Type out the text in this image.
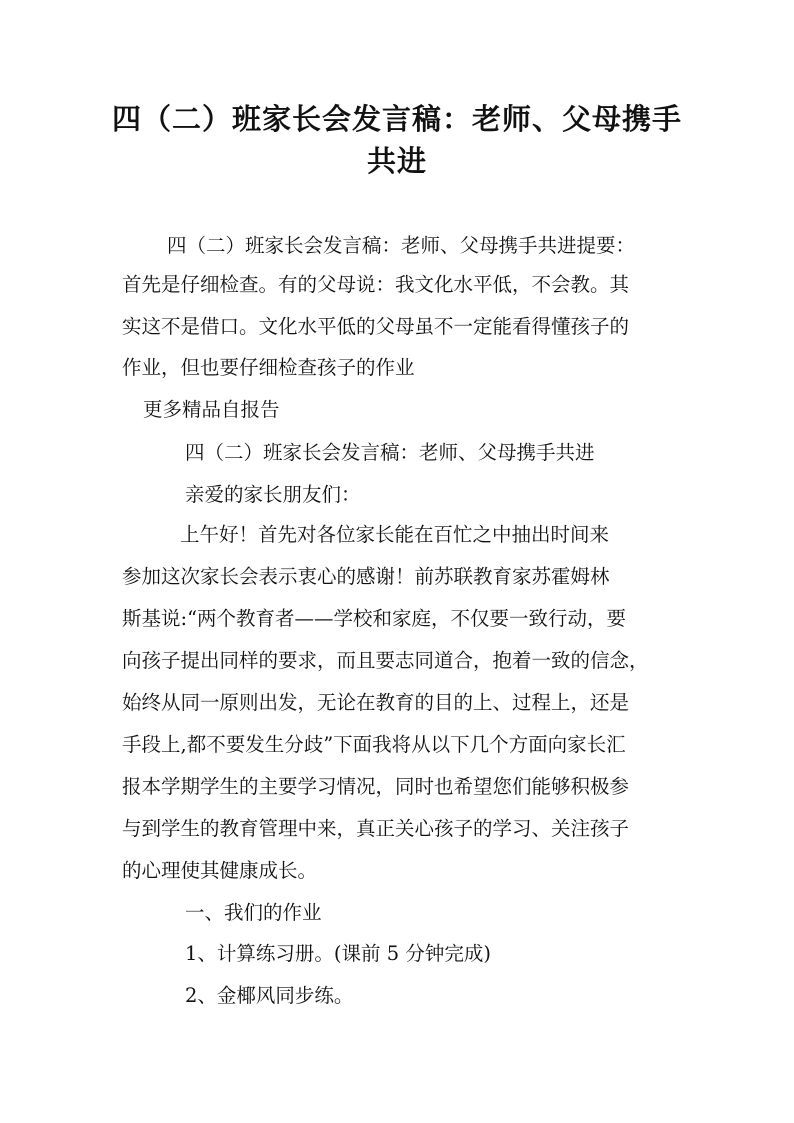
四（二）班家长会发言稿：老师、父母携手
共进
四（二）班家长会发言稿：老师、父母携手共进提要：
首先是仔细检查。有的父母说：我文化水平低，不会教。其
实这不是借口。文化水平低的父母虽不一定能看得懂孩子的
作业，但也要仔细检查孩子的作业
更多精品自报告
四（二）班家长会发言稿：老师、父母携手共进
亲爱的家长朋友们：
上午好！首先对各位家长能在百忙之中抽出时间来
参加这次家长会表示衷心的感谢！前苏联教育家苏霍姆林
斯基说:“两个教育者——学校和家庭，不仅要一致行动，要
向孩子提出同样的要求，而且要志同道合，抱着一致的信念，
始终从同一原则出发，无论在教育的目的上、过程上，还是
手段上,都不要发生分歧”下面我将从以下几个方面向家长汇
报本学期学生的主要学习情况，同时也希望您们能够积极参
与到学生的教育管理中来，真正关心孩子的学习、关注孩子
的心理使其健康成长。
一、我们的作业
1、计算练习册。(课前 5 分钟完成)
2、金椰风同步练。
